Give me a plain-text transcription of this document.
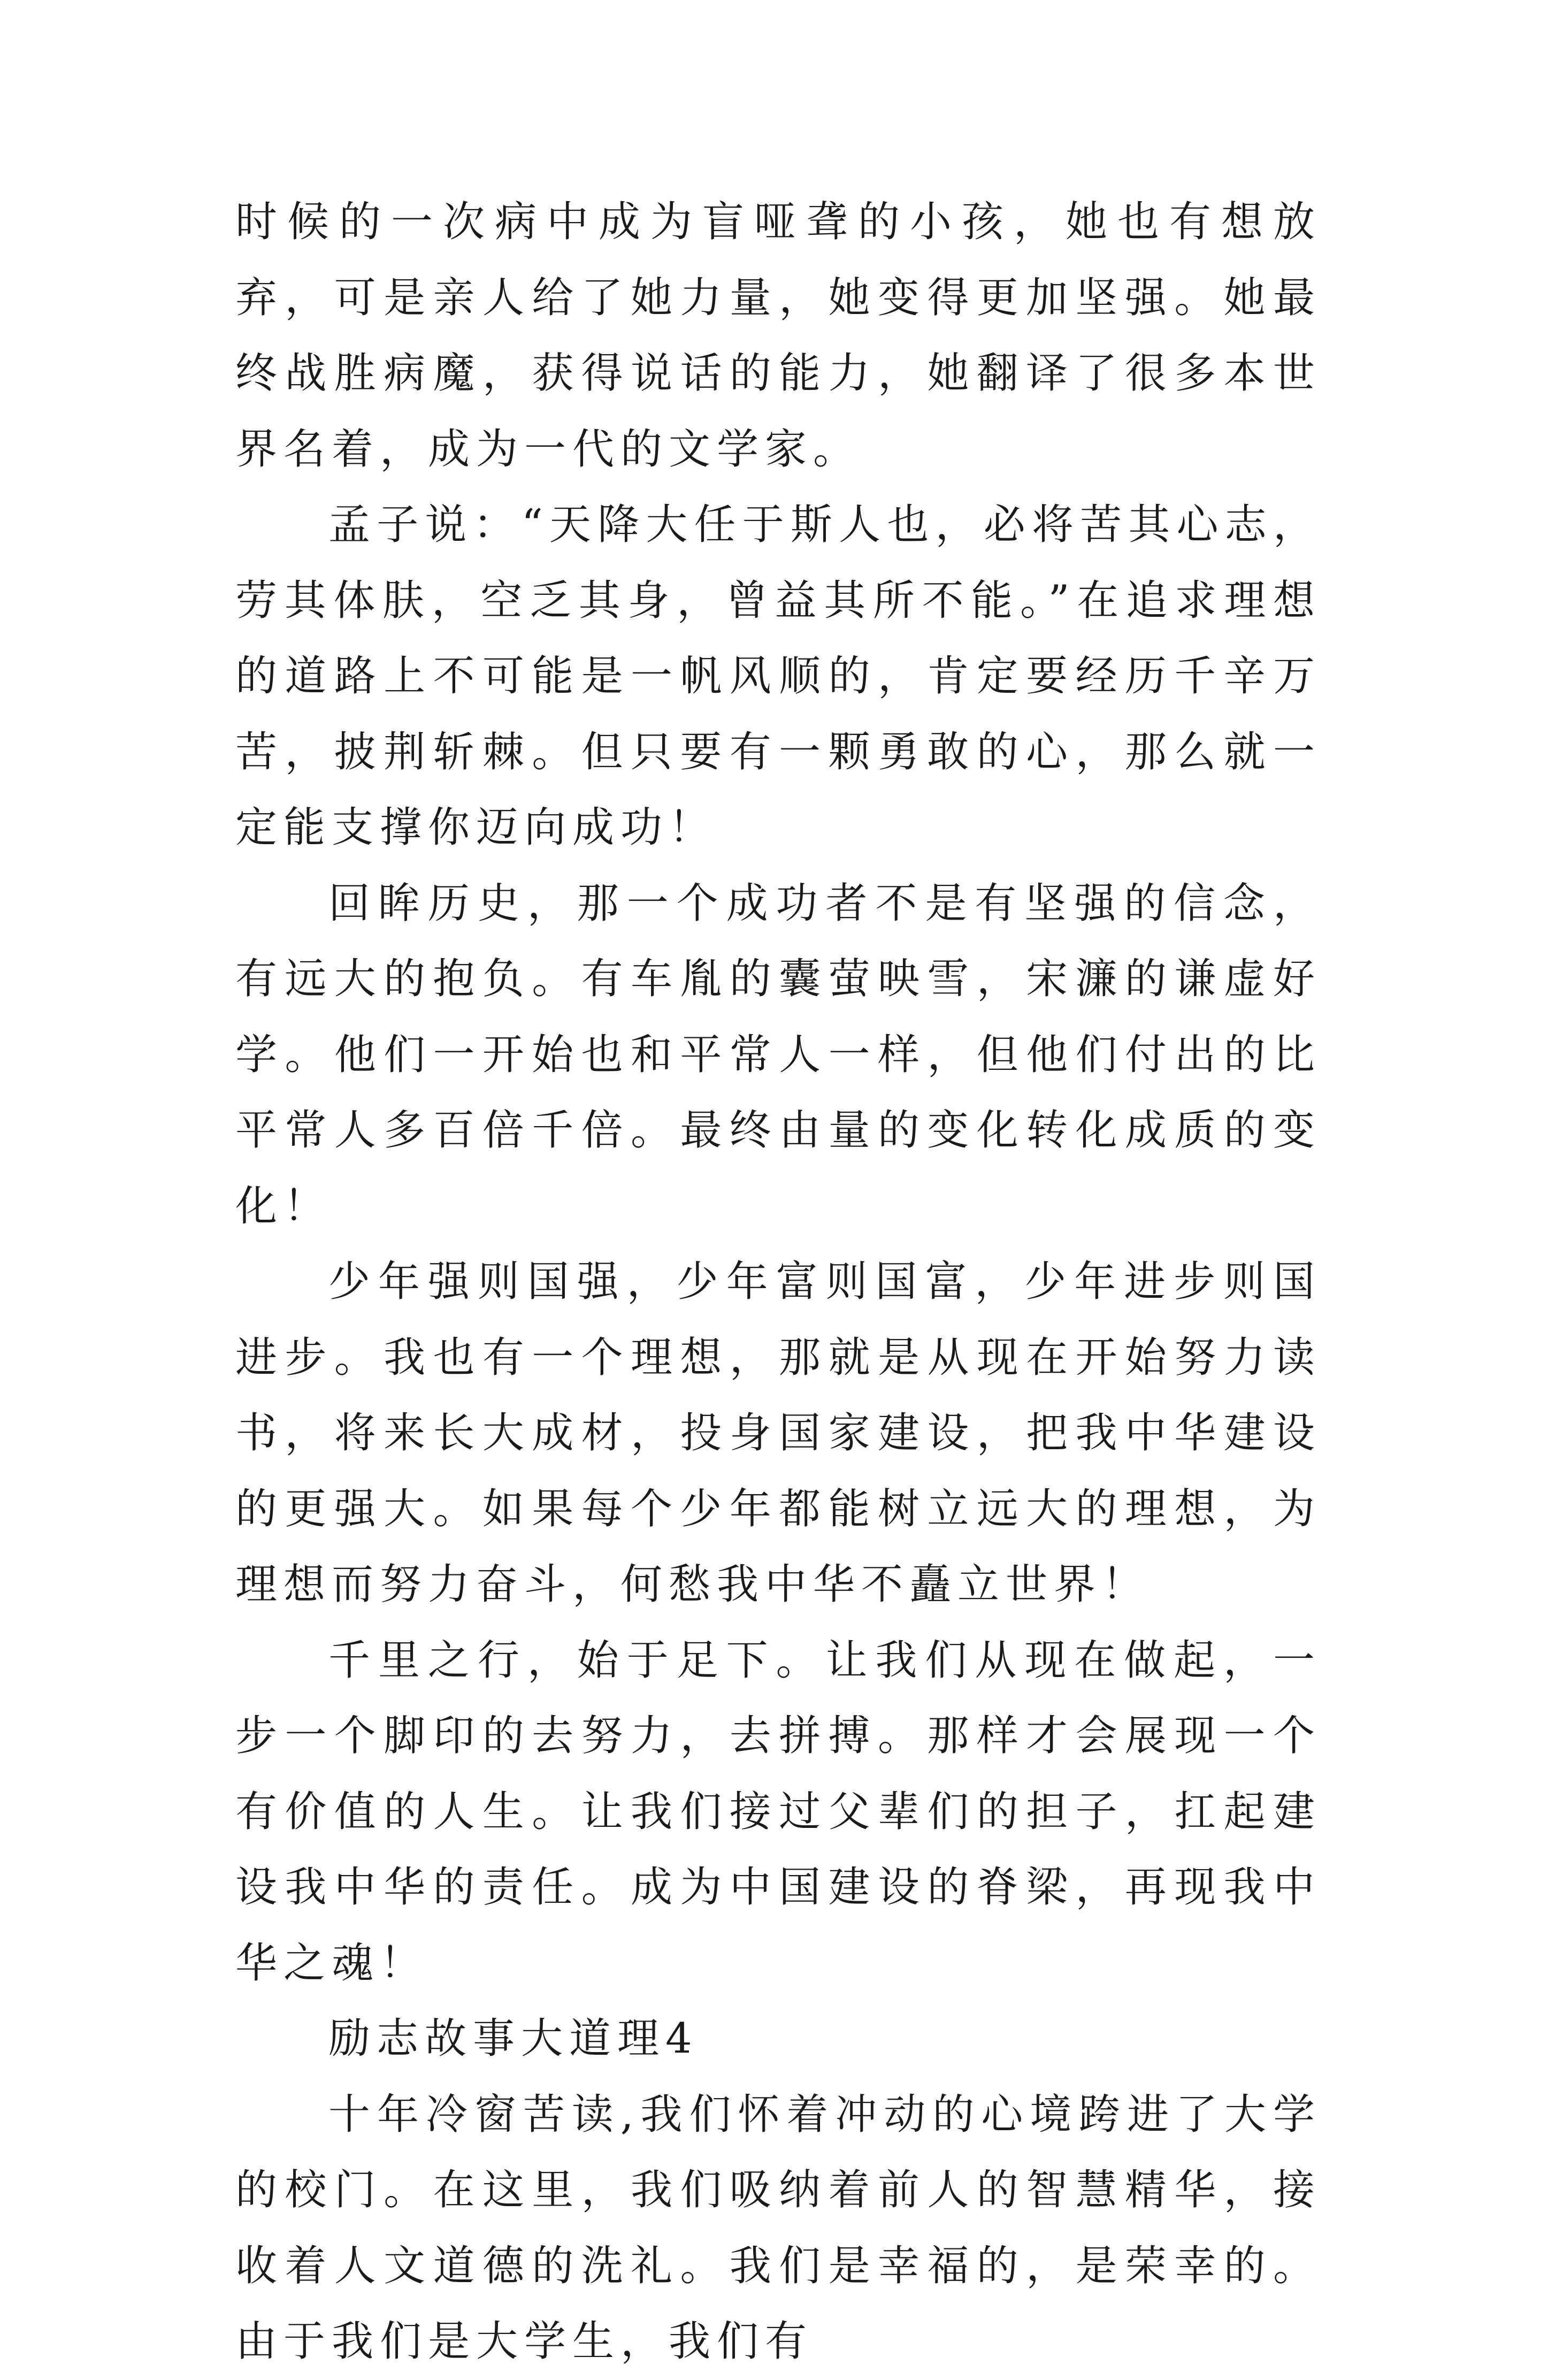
时候的一次病中成为盲哑聋的小孩，她也有想放弃，可是亲人给了她力量，她变得更加坚强。她最终战胜病魔，获得说话的能力，她翻译了很多本世界名着，成为一代的文学家。

孟子说：“天降大任于斯人也，必将苦其心志，劳其体肤，空乏其身，曾益其所不能。”在追求理想的道路上不可能是一帆风顺的，肯定要经历千辛万苦，披荆斩棘。但只要有一颗勇敢的心，那么就一定能支撑你迈向成功！

回眸历史，那一个成功者不是有坚强的信念，有远大的抱负。有车胤的囊萤映雪，宋濂的谦虚好学。他们一开始也和平常人一样，但他们付出的比平常人多百倍千倍。最终由量的变化转化成质的变化！

少年强则国强，少年富则国富，少年进步则国进步。我也有一个理想，那就是从现在开始努力读书，将来长大成材，投身国家建设，把我中华建设的更强大。如果每个少年都能树立远大的理想，为理想而努力奋斗，何愁我中华不矗立世界！

千里之行，始于足下。让我们从现在做起，一步一个脚印的去努力，去拼搏。那样才会展现一个有价值的人生。让我们接过父辈们的担子，扛起建设我中华的责任。成为中国建设的脊梁，再现我中华之魂！

励志故事大道理4

十年冷窗苦读,我们怀着冲动的心境跨进了大学的校门。在这里，我们吸纳着前人的智慧精华，接收着人文道德的洗礼。我们是幸福的，是荣幸的。由于我们是大学生，我们有
